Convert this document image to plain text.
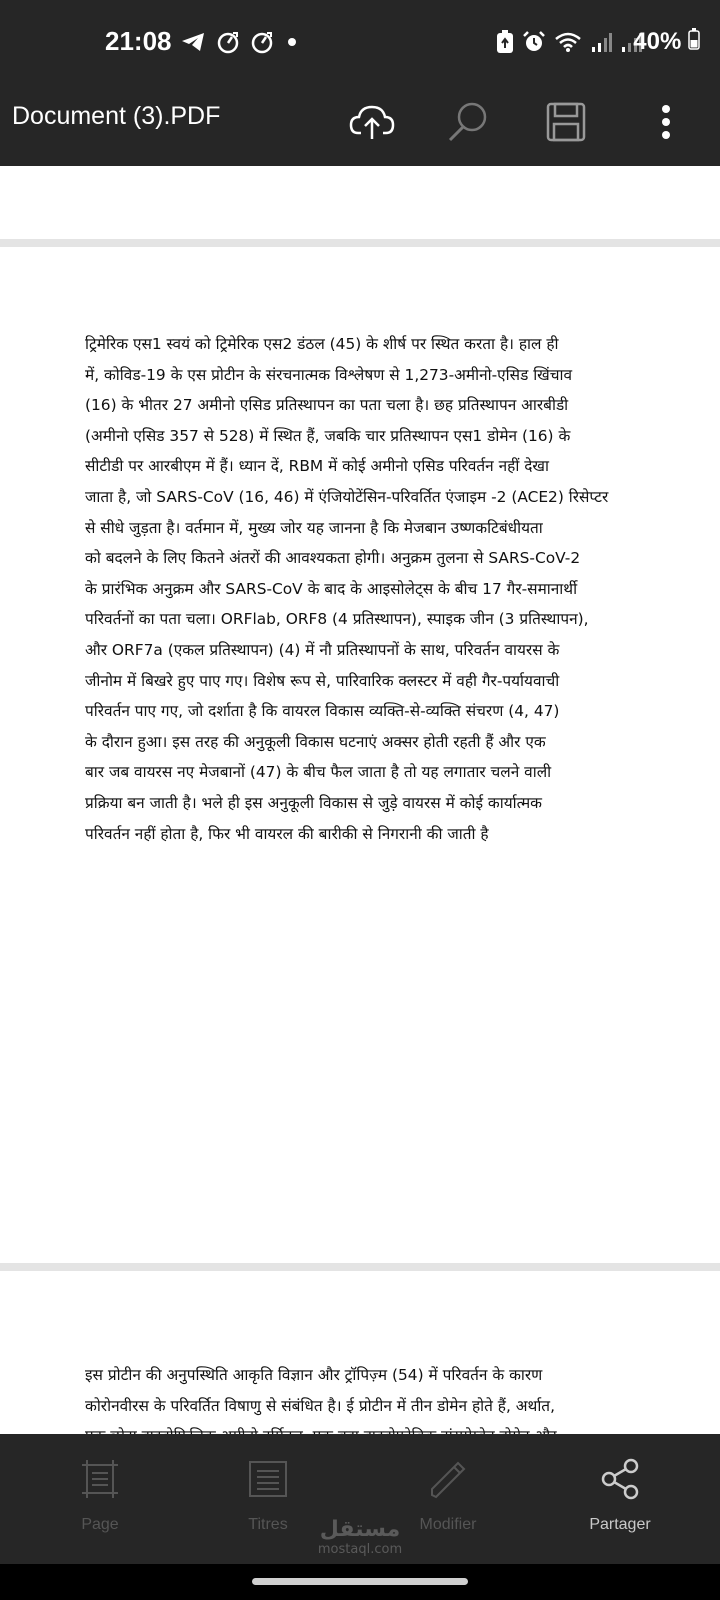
21:08	40%
Document (3).PDF

ट्रिमेरिक एस1 स्वयं को ट्रिमेरिक एस2 डंठल (45) के शीर्ष पर स्थित करता है। हाल ही

में, कोविड-19 के एस प्रोटीन के संरचनात्मक विश्लेषण से 1,273-अमीनो-एसिड खिंचाव

(16) के भीतर 27 अमीनो एसिड प्रतिस्थापन का पता चला है। छह प्रतिस्थापन आरबीडी

(अमीनो एसिड 357 से 528) में स्थित हैं, जबकि चार प्रतिस्थापन एस1 डोमेन (16) के

सीटीडी पर आरबीएम में हैं। ध्यान दें, RBM में कोई अमीनो एसिड परिवर्तन नहीं देखा

जाता है, जो SARS-CoV (16, 46) में एंजियोटेंसिन-परिवर्तित एंजाइम -2 (ACE2) रिसेप्टर

से सीधे जुड़ता है। वर्तमान में, मुख्य जोर यह जानना है कि मेजबान उष्णकटिबंधीयता

को बदलने के लिए कितने अंतरों की आवश्यकता होगी। अनुक्रम तुलना से SARS-CoV-2

के प्रारंभिक अनुक्रम और SARS-CoV के बाद के आइसोलेट्स के बीच 17 गैर-समानार्थी

परिवर्तनों का पता चला। ORFlab, ORF8 (4 प्रतिस्थापन), स्पाइक जीन (3 प्रतिस्थापन),

और ORF7a (एकल प्रतिस्थापन) (4) में नौ प्रतिस्थापनों के साथ, परिवर्तन वायरस के

जीनोम में बिखरे हुए पाए गए। विशेष रूप से, पारिवारिक क्लस्टर में वही गैर-पर्यायवाची

परिवर्तन पाए गए, जो दर्शाता है कि वायरल विकास व्यक्ति-से-व्यक्ति संचरण (4, 47)

के दौरान हुआ। इस तरह की अनुकूली विकास घटनाएं अक्सर होती रहती हैं और एक

बार जब वायरस नए मेजबानों (47) के बीच फैल जाता है तो यह लगातार चलने वाली

प्रक्रिया बन जाती है। भले ही इस अनुकूली विकास से जुड़े वायरस में कोई कार्यात्मक

परिवर्तन नहीं होता है, फिर भी वायरल की बारीकी से निगरानी की जाती है

इस प्रोटीन की अनुपस्थिति आकृति विज्ञान और ट्रॉपिज़्म (54) में परिवर्तन के कारण

कोरोनवीरस के परिवर्तित विषाणु से संबंधित है। ई प्रोटीन में तीन डोमेन होते हैं, अर्थात,

Page	Titres	Modifier	Partager
مستقل
mostaql.com
